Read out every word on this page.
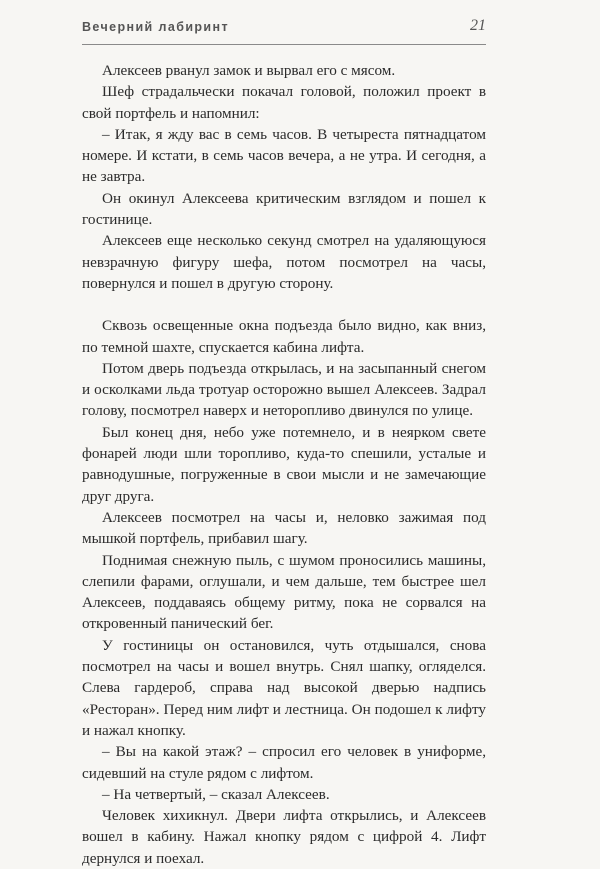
Вечерний лабиринт	21

Алексеев рванул замок и вырвал его с мясом.

Шеф страдальчески покачал головой, положил проект в свой портфель и напомнил:

– Итак, я жду вас в семь часов. В четыреста пятнадцатом номере. И кстати, в семь часов вечера, а не утра. И сегодня, а не завтра.

Он окинул Алексеева критическим взглядом и пошел к гостинице.

Алексеев еще несколько секунд смотрел на удаляющуюся невзрачную фигуру шефа, потом посмотрел на часы, повернулся и пошел в другую сторону.

Сквозь освещенные окна подъезда было видно, как вниз, по темной шахте, спускается кабина лифта.

Потом дверь подъезда открылась, и на засыпанный снегом и осколками льда тротуар осторожно вышел Алексеев. Задрал голову, посмотрел наверх и неторопливо двинулся по улице.

Был конец дня, небо уже потемнело, и в неярком свете фонарей люди шли торопливо, куда-то спешили, усталые и равнодушные, погруженные в свои мысли и не замечающие друг друга.

Алексеев посмотрел на часы и, неловко зажимая под мышкой портфель, прибавил шагу.

Поднимая снежную пыль, с шумом проносились машины, слепили фарами, оглушали, и чем дальше, тем быстрее шел Алексеев, поддаваясь общему ритму, пока не сорвался на откровенный панический бег.

У гостиницы он остановился, чуть отдышался, снова посмотрел на часы и вошел внутрь. Снял шапку, огляделся. Слева гардероб, справа над высокой дверью надпись «Ресторан». Перед ним лифт и лестница. Он подошел к лифту и нажал кнопку.

– Вы на какой этаж? – спросил его человек в униформе, сидевший на стуле рядом с лифтом.

– На четвертый, – сказал Алексеев.

Человек хихикнул. Двери лифта открылись, и Алексеев вошел в кабину. Нажал кнопку рядом с цифрой 4. Лифт дернулся и поехал.
